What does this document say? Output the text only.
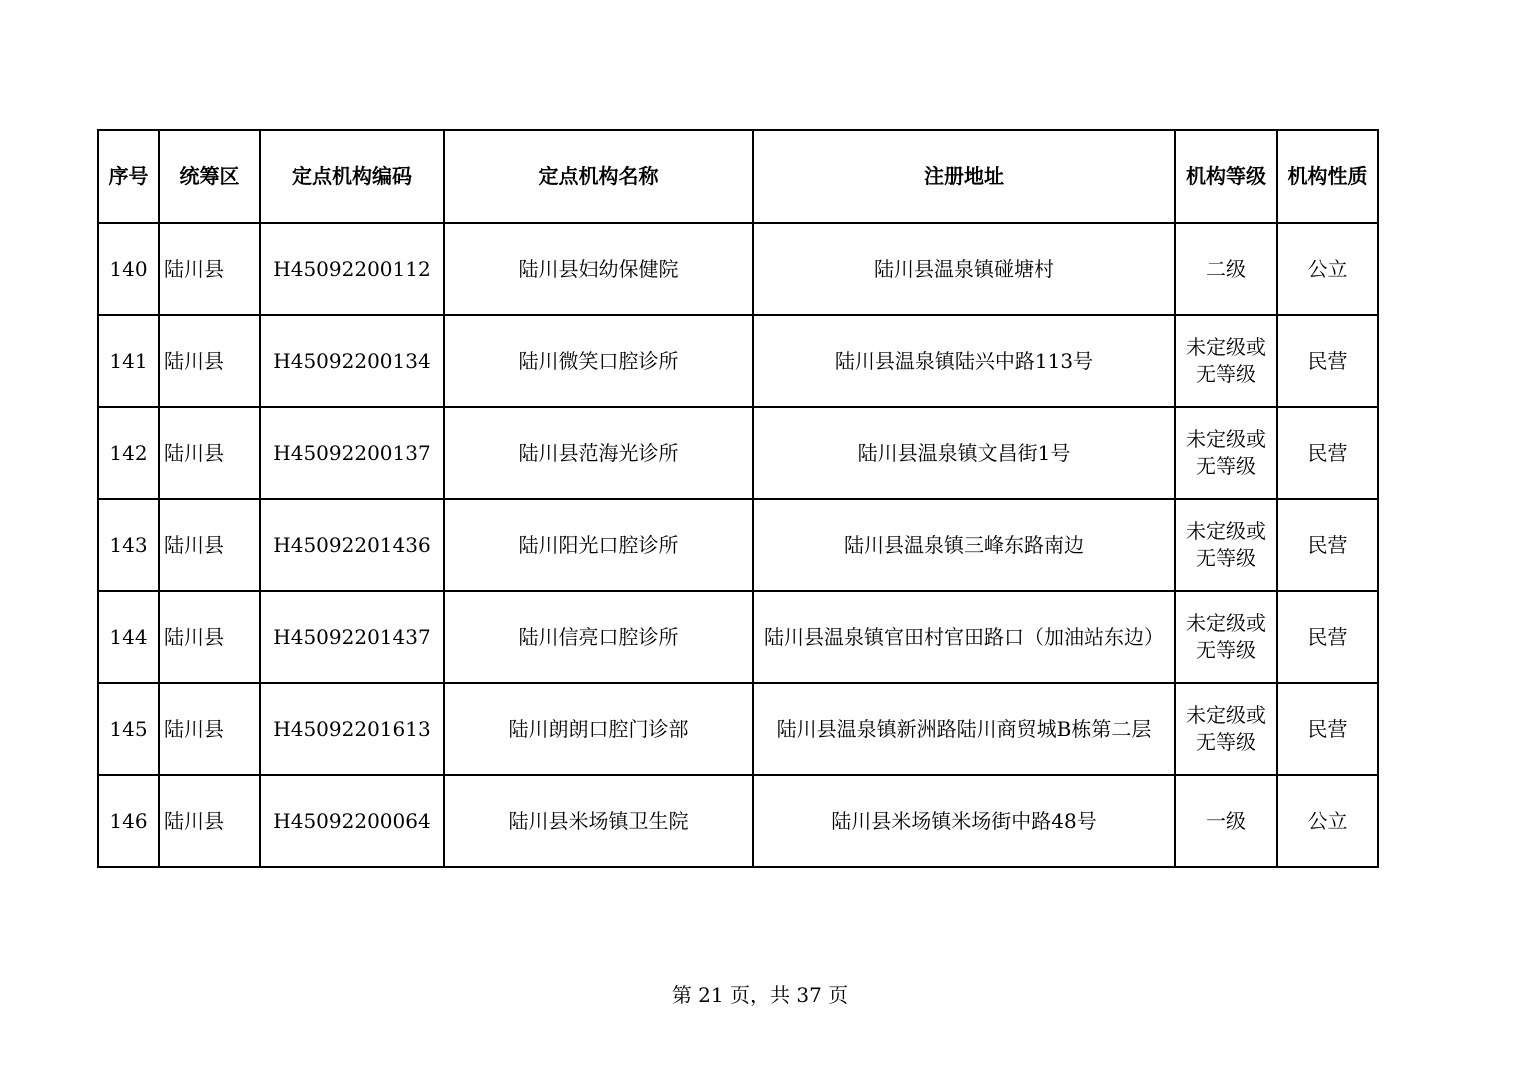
序号	统筹区	定点机构编码	定点机构名称	注册地址	机构等级	机构性质
140	陆川县	H45092200112	陆川县妇幼保健院	陆川县温泉镇碰塘村	二级	公立
141	陆川县	H45092200134	陆川微笑口腔诊所	陆川县温泉镇陆兴中路113号	未定级或无等级	民营
142	陆川县	H45092200137	陆川县范海光诊所	陆川县温泉镇文昌街1号	未定级或无等级	民营
143	陆川县	H45092201436	陆川阳光口腔诊所	陆川县温泉镇三峰东路南边	未定级或无等级	民营
144	陆川县	H45092201437	陆川信亮口腔诊所	陆川县温泉镇官田村官田路口（加油站东边）	未定级或无等级	民营
145	陆川县	H45092201613	陆川朗朗口腔门诊部	陆川县温泉镇新洲路陆川商贸城B栋第二层	未定级或无等级	民营
146	陆川县	H45092200064	陆川县米场镇卫生院	陆川县米场镇米场街中路48号	一级	公立
第 21 页，共 37 页
